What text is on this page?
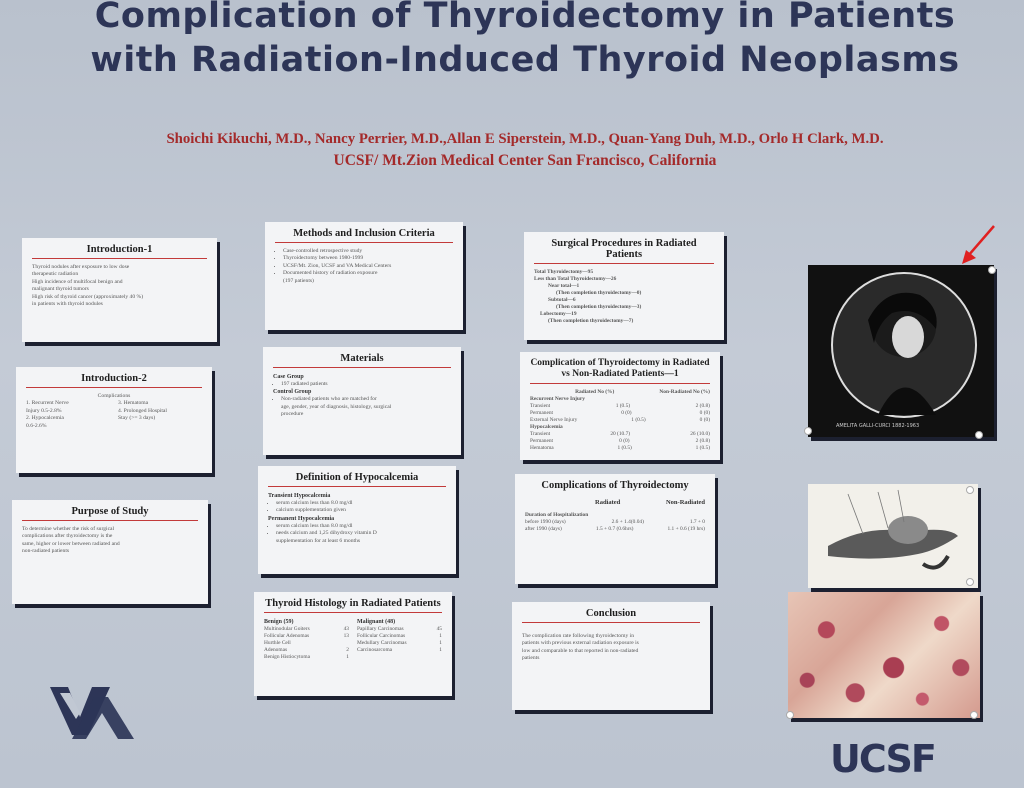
Complication of Thyroidectomy in Patients
with Radiation-Induced Thyroid Neoplasms
Shoichi Kikuchi, M.D., Nancy Perrier, M.D.,Allan E Siperstein, M.D., Quan-Yang Duh, M.D., Orlo H Clark, M.D.
UCSF/ Mt.Zion Medical Center San Francisco, California
Introduction-1
Thyroid nodules after exposure to low dose
therapeutic radiation
High incidence of multifocal benign and
malignant thyroid tumors
High risk of thyroid cancer (approximately 40 %)
in patients with thyroid nodules
Introduction-2
Complications
1. Recurrent Nerve
Injury 0.5-2.8%
2. Hypocalcemia
0.6-2.6%
3. Hematoma
4. Prolonged Hospital
Stay (>= 3 days)
Purpose of Study
To determine whether the risk of surgical
complications after thyroidectomy is the
same, higher or lower between radiated and
non-radiated patients
Methods and Inclusion Criteria
• Case-controlled retrospective study
• Thyroidectomy between 1980-1999
• UCSF/Mt. Zion, UCSF and VA Medical Centers
• Documented history of radiation exposure
(197 patients)
Materials
Case Group
• 197 radiated patients
Control Group
• Non-radiated patients who are matched for
age, gender, year of diagnosis, histology, surgical
procedure
Definition of Hypocalcemia
Transient Hypocalcemia
• serum calcium less than 8.0 mg/dl
• calcium supplementation given
Permanent Hypocalcemia
• serum calcium less than 8.0 mg/dl
• needs calcium and 1,25 dihydroxy vitamin D
supplementation for at least 6 months
Thyroid Histology in Radiated Patients
Benign (59)
Multinodular Goiters	43
Follicular Adenomas	13
Hurthle Cell
Adenomas	2
Benign Histiocytoma	1
Malignant (48)
Papillary Carcinomas	45
Follicular Carcinomas	1
Medullary Carcinomas	1
Carcinosarcoma	1
Surgical Procedures in Radiated Patients
Total Thyroidectomy—95
Less than Total Thyroidectomy—26
Near total—1
(Then completion thyroidectomy—0)
Subtotal—6
(Then completion thyroidectomy—3)
Lobectomy—19
(Then completion thyroidectomy—7)
Complication of Thyroidectomy in Radiated vs Non-Radiated Patients—1
Radiated No (%)	Non-Radiated No (%)
Recurrent Nerve Injury
Transient	1 (0.5)	2 (0.8)
Permanent	0 (0)	0 (0)
External Nerve Injury	1 (0.5)	0 (0)
Hypocalcemia
Transient	20 (10.7)	26 (10.0)
Permanent	0 (0)	2 (0.8)
Hematoma	1 (0.5)	1 (0.5)
Complications of Thyroidectomy
Radiated	Non-Radiated
Duration of Hospitalization
before 1990 (days)	2.6 + 1.4(0.04)	1.7 + 0
after 1990 (days)	1.5 + 0.7 (0.6hrs)	1.1 + 0.6 (19 hrs)
Conclusion
The complication rate following thyroidectomy in
patients with previous external radiation exposure is
low and comparable to that reported in non-radiated
patients
AMELITA GALLI-CURCI 1882-1963
UCSF
